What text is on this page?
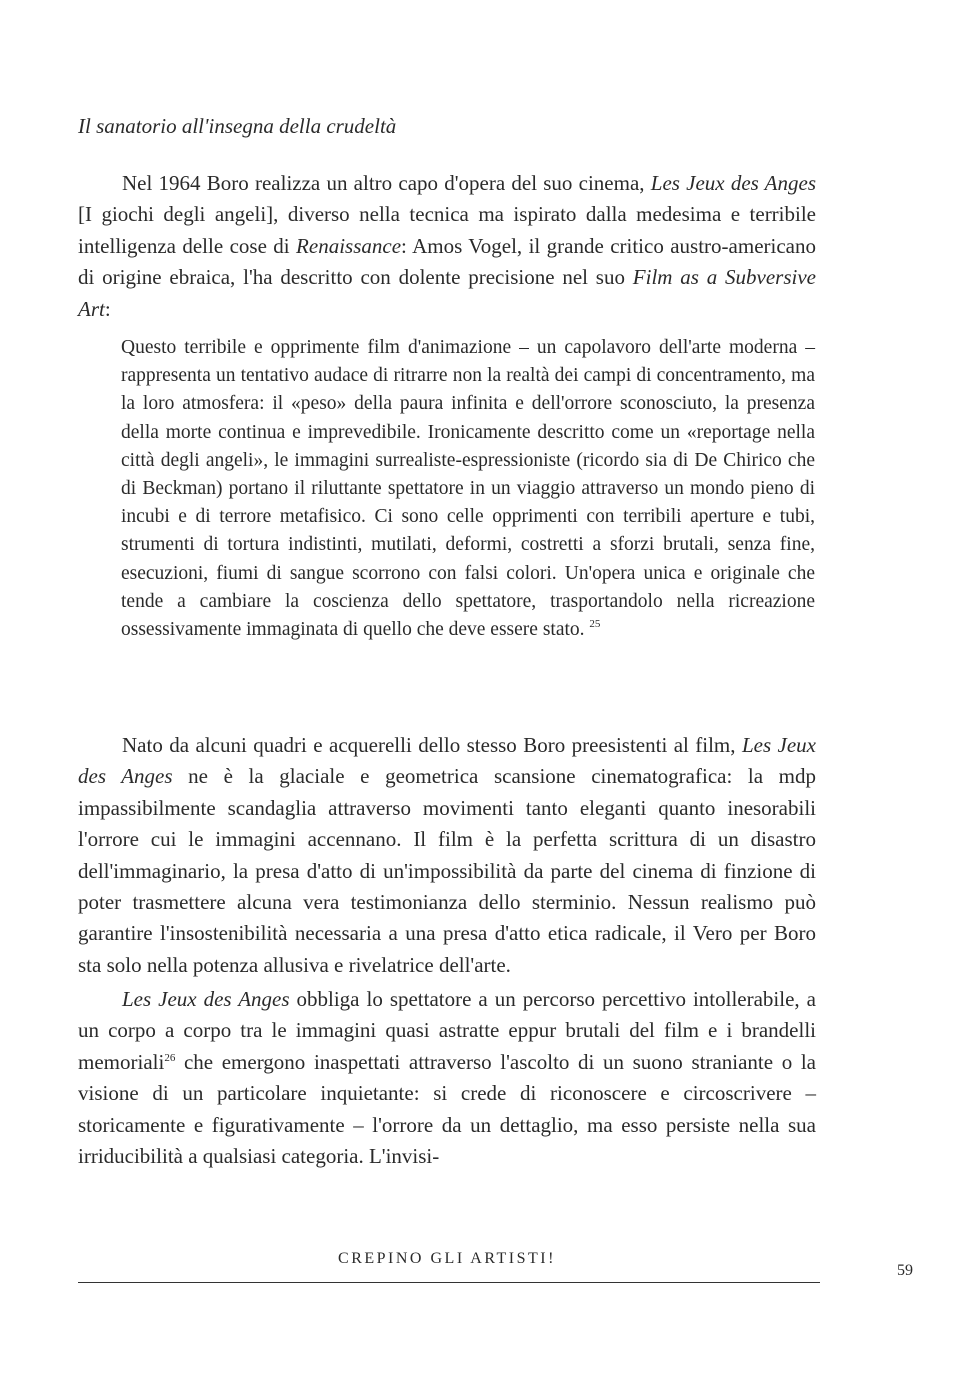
Il sanatorio all'insegna della crudeltà

Nel 1964 Boro realizza un altro capo d'opera del suo cinema, Les Jeux des Anges [I giochi degli angeli], diverso nella tecnica ma ispirato dalla medesima e terribile intelligenza delle cose di Renaissance: Amos Vogel, il grande critico austro-americano di origine ebraica, l'ha descritto con dolente precisione nel suo Film as a Subversive Art:

Questo terribile e opprimente film d'animazione – un capolavoro dell'arte moderna – rappresenta un tentativo audace di ritrarre non la realtà dei campi di concentramento, ma la loro atmosfera: il «peso» della paura infinita e dell'orrore sconosciuto, la presenza della morte continua e imprevedibile. Ironicamente descritto come un «reportage nella città degli angeli», le immagini surrealiste-espressioniste (ricordo sia di De Chirico che di Beckman) portano il riluttante spettatore in un viaggio attraverso un mondo pieno di incubi e di terrore metafisico. Ci sono celle opprimenti con terribili aperture e tubi, strumenti di tortura indistinti, mutilati, deformi, costretti a sforzi brutali, senza fine, esecuzioni, fiumi di sangue scorrono con falsi colori. Un'opera unica e originale che tende a cambiare la coscienza dello spettatore, trasportandolo nella ricreazione ossessivamente immaginata di quello che deve essere stato. $^{25}$

Nato da alcuni quadri e acquerelli dello stesso Boro preesistenti al film, Les Jeux des Anges ne è la glaciale e geometrica scansione cinematografica: la mdp impassibilmente scandaglia attraverso movimenti tanto eleganti quanto inesorabili l'orrore cui le immagini accennano. Il film è la perfetta scrittura di un disastro dell'immaginario, la presa d'atto di un'impossibilità da parte del cinema di finzione di poter trasmettere alcuna vera testimonianza dello sterminio. Nessun realismo può garantire l'insostenibilità necessaria a una presa d'atto etica radicale, il Vero per Boro sta solo nella potenza allusiva e rivelatrice dell'arte.

Les Jeux des Anges obbliga lo spettatore a un percorso percettivo intollerabile, a un corpo a corpo tra le immagini quasi astratte eppur brutali del film e i brandelli memoriali$^{26}$ che emergono inaspettati attraverso l'ascolto di un suono straniante o la visione di un particolare inquietante: si crede di riconoscere e circoscrivere – storicamente e figurativamente – l'orrore da un dettaglio, ma esso persiste nella sua irriducibilità a qualsiasi categoria. L'invisi-

CREPINO GLI ARTISTI!
59
